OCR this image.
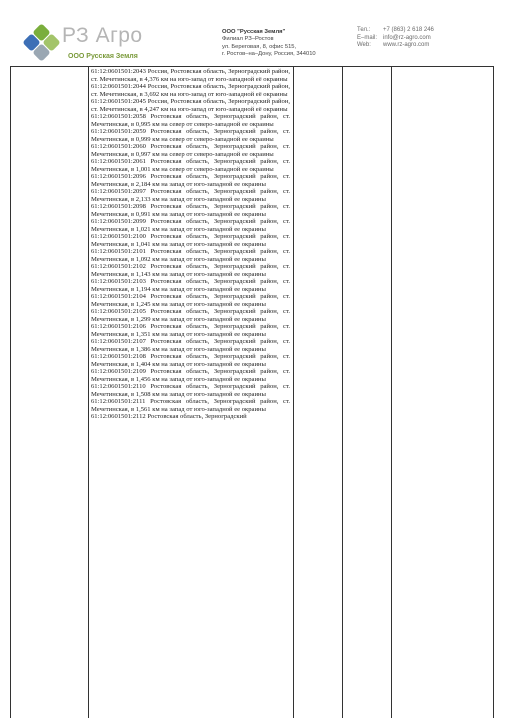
РЗ Агро
ООО Русская Земля
ООО "Русская Земля"
Филиал РЗ–Ростов
ул. Береговая, 8, офис 515,
г. Ростов–на–Дону, Россия, 344010
Тел.:	+7 (863) 2 618 246
E–mail: info@rz-agro.com
Web:	www.rz-agro.com

61:12:0601501:2043 Россия, Ростовская область, Зерноградский район, ст. Мечетинская, в 4,376 км на юго-запад от юго-западной её окраины

61:12:0601501:2044 Россия, Ростовская область, Зерноградский район, ст. Мечетинская, в 3,692 км на юго-запад от юго-западной её окраины

61:12:0601501:2045 Россия, Ростовская область, Зерноградский район, ст. Мечетинская, в 4,247 км на юго-запад от юго-западной её окраины

61:12:0601501:2058 Ростовская область, Зерноградский район, ст. Мечетинская, в 0,995 км на север от северо-западной ее окраины

61:12:0601501:2059 Ростовская область, Зерноградский район, ст. Мечетинская, в 0,999 км на север от северо-западной ее окраины

61:12:0601501:2060 Ростовская область, Зерноградский район, ст. Мечетинская, в 0,997 км на север от северо-западной ее окраины

61:12:0601501:2061 Ростовская область, Зерноградский район, ст. Мечетинская, в 1,001 км на север от северо-западной ее окраины

61:12:0601501:2096 Ростовская область, Зерноградский район, ст. Мечетинская, в 2,184 км на запад от юго-западной ее окраины

61:12:0601501:2097 Ростовская область, Зерноградский район, ст. Мечетинская, в 2,133 км на запад от юго-западной ее окраины

61:12:0601501:2098 Ростовская область, Зерноградский район, ст. Мечетинская, в 0,991 км на запад от юго-западной ее окраины

61:12:0601501:2099 Ростовская область, Зерноградский район, ст. Мечетинская, в 1,021 км на запад от юго-западной ее окраины

61:12:0601501:2100 Ростовская область, Зерноградский район, ст. Мечетинская, в 1,041 км на запад от юго-западной ее окраины

61:12:0601501:2101 Ростовская область, Зерноградский район, ст. Мечетинская, в 1,092 км на запад от юго-западной ее окраины

61:12:0601501:2102 Ростовская область, Зерноградский район, ст. Мечетинская, в 1,143 км на запад от юго-западной ее окраины

61:12:0601501:2103 Ростовская область, Зерноградский район, ст. Мечетинская, в 1,194 км на запад от юго-западной ее окраины

61:12:0601501:2104 Ростовская область, Зерноградский район, ст. Мечетинская, в 1,245 км на запад от юго-западной ее окраины

61:12:0601501:2105 Ростовская область, Зерноградский район, ст. Мечетинская, в 1,299 км на запад от юго-западной ее окраины

61:12:0601501:2106 Ростовская область, Зерноградский район, ст. Мечетинская, в 1,351 км на запад от юго-западной ее окраины

61:12:0601501:2107 Ростовская область, Зерноградский район, ст. Мечетинская, в 1,386 км на запад от юго-западной ее окраины

61:12:0601501:2108 Ростовская область, Зерноградский район, ст. Мечетинская, в 1,404 км на запад от юго-западной ее окраины

61:12:0601501:2109 Ростовская область, Зерноградский район, ст. Мечетинская, в 1,456 км на запад от юго-западной ее окраины

61:12:0601501:2110 Ростовская область, Зерноградский район, ст. Мечетинская, в 1,508 км на запад от юго-западной ее окраины

61:12:0601501:2111 Ростовская область, Зерноградский район, ст. Мечетинская, в 1,561 км на запад от юго-западной ее окраины

61:12:0601501:2112 Ростовская область, Зерноградский
